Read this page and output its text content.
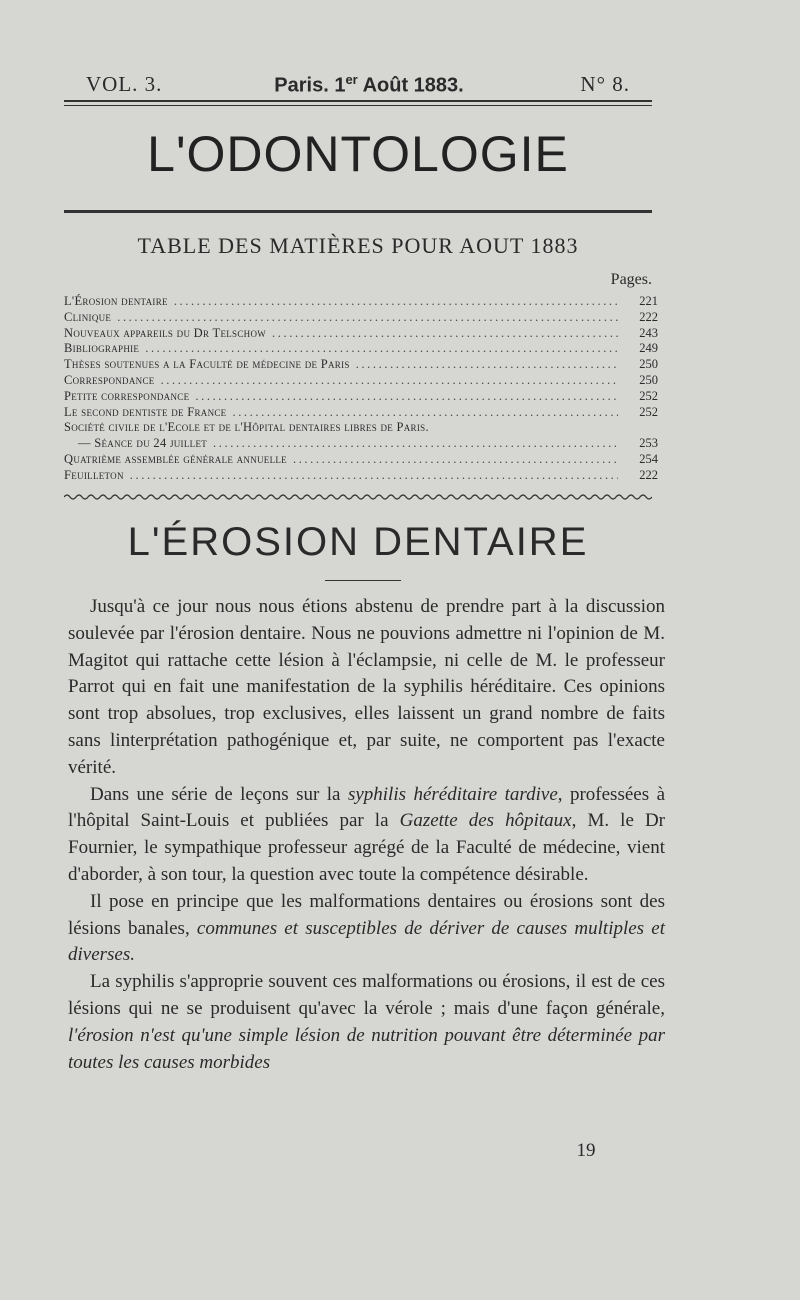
VOL. 3.	Paris. 1er Août 1883.	N° 8.
L'ODONTOLOGIE
TABLE DES MATIÈRES POUR AOUT 1883
Pages.
L'Érosion dentaire .....	221
Clinique .....	222
Nouveaux appareils du Dr Telschow .....	243
Bibliographie .....	249
Thèses soutenues a la Faculté de médecine de Paris .....	250
Correspondance .....	250
Petite correspondance .....	252
Le second dentiste de France .....	252
Société civile de l'Ecole et de l'Hôpital dentaires libres de Paris.
— Séance du 24 juillet .....	253
Quatrième assemblée générale annuelle .....	254
Feuilleton .....	222
L'ÉROSION DENTAIRE

Jusqu'à ce jour nous nous étions abstenu de prendre part à la discussion soulevée par l'érosion dentaire. Nous ne pouvions admettre ni l'opinion de M. Magitot qui rattache cette lésion à l'éclampsie, ni celle de M. le professeur Parrot qui en fait une manifestation de la syphilis héréditaire. Ces opinions sont trop absolues, trop exclusives, elles laissent un grand nombre de faits sans linterprétation pathogénique et, par suite, ne comportent pas l'exacte vérité.

Dans une série de leçons sur la syphilis héréditaire tardive, professées à l'hôpital Saint-Louis et publiées par la Gazette des hôpitaux, M. le Dr Fournier, le sympathique professeur agrégé de la Faculté de médecine, vient d'aborder, à son tour, la question avec toute la compétence désirable.

Il pose en principe que les malformations dentaires ou érosions sont des lésions banales, communes et susceptibles de dériver de causes multiples et diverses.

La syphilis s'approprie souvent ces malformations ou érosions, il est de ces lésions qui ne se produisent qu'avec la vérole ; mais d'une façon générale, l'érosion n'est qu'une simple lésion de nutrition pouvant être déterminée par toutes les causes morbides

19
